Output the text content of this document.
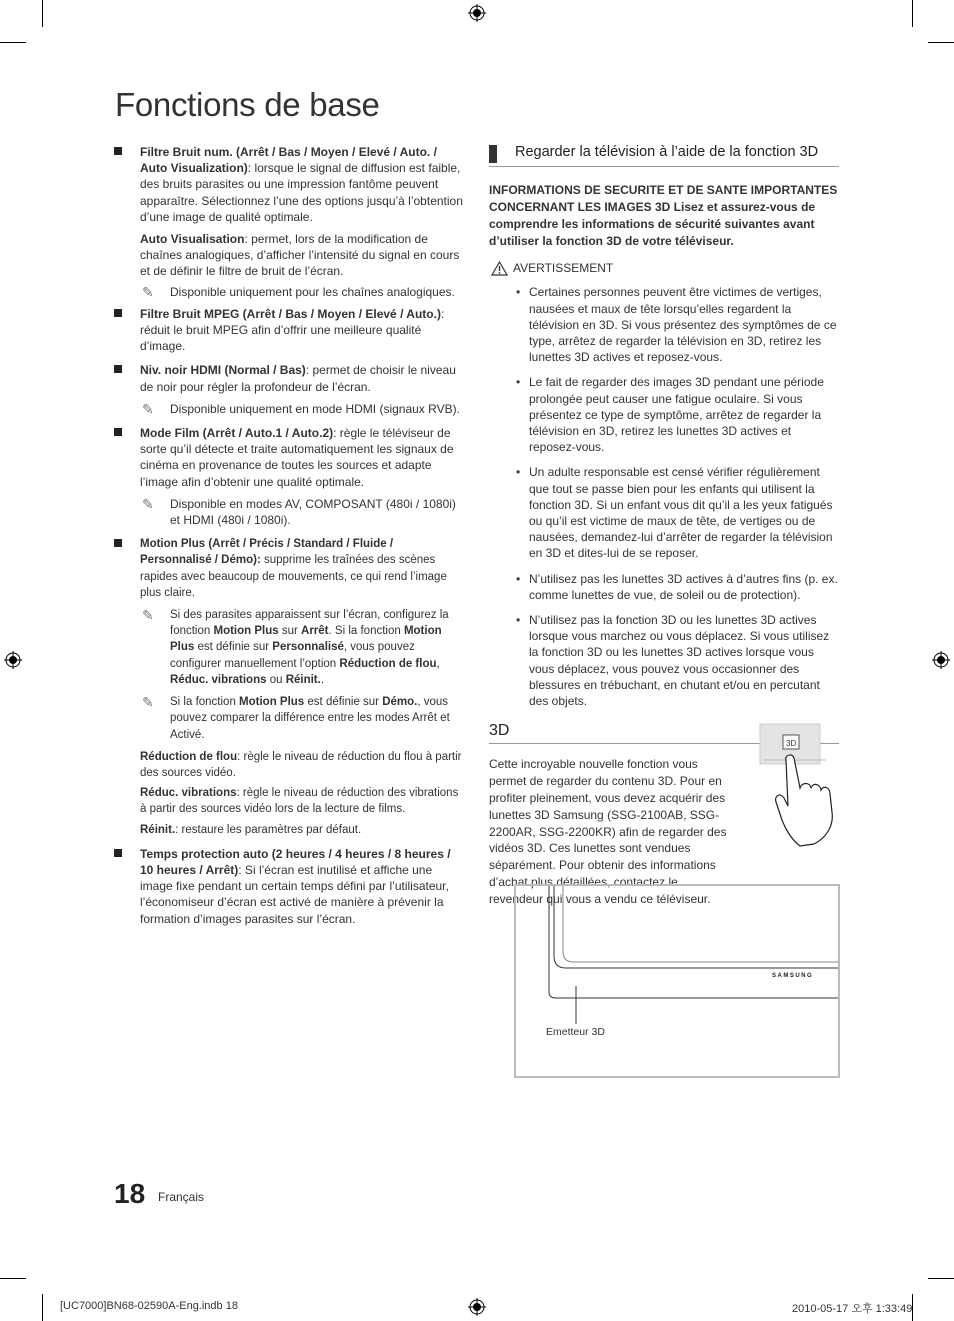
Fonctions de base
Filtre Bruit num. (Arrêt / Bas / Moyen / Elevé / Auto. / Auto Visualization): lorsque le signal de diffusion est faible, des bruits parasites ou une impression fantôme peuvent apparaître. Sélectionnez l’une des options jusqu’à l’obtention d’une image de qualité optimale.
Auto Visualisation: permet, lors de la modification de chaînes analogiques, d’afficher l’intensité du signal en cours et de définir le filtre de bruit de l’écran.
✎ Disponible uniquement pour les chaînes analogiques.
Filtre Bruit MPEG (Arrêt / Bas / Moyen / Elevé / Auto.): réduit le bruit MPEG afin d’offrir une meilleure qualité d’image.
Niv. noir HDMI (Normal / Bas): permet de choisir le niveau de noir pour régler la profondeur de l’écran.
✎ Disponible uniquement en mode HDMI (signaux RVB).
Mode Film (Arrêt / Auto.1 / Auto.2): règle le téléviseur de sorte qu’il détecte et traite automatiquement les signaux de cinéma en provenance de toutes les sources et adapte l’image afin d’obtenir une qualité optimale.
✎ Disponible en modes AV, COMPOSANT (480i / 1080i) et HDMI (480i / 1080i).
Motion Plus (Arrêt / Précis / Standard / Fluide / Personnalisé / Démo): supprime les traînées des scènes rapides avec beaucoup de mouvements, ce qui rend l’image plus claire.
✎ Si des parasites apparaissent sur l’écran, configurez la fonction Motion Plus sur Arrêt. Si la fonction Motion Plus est définie sur Personnalisé, vous pouvez configurer manuellement l’option Réduction de flou, Réduc. vibrations ou Réinit..
✎ Si la fonction Motion Plus est définie sur Démo., vous pouvez comparer la différence entre les modes Arrêt et Activé.
Réduction de flou: règle le niveau de réduction du flou à partir des sources vidéo.
Réduc. vibrations: règle le niveau de réduction des vibrations à partir des sources vidéo lors de la lecture de films.
Réinit.: restaure les paramètres par défaut.
Temps protection auto (2 heures / 4 heures / 8 heures / 10 heures / Arrêt): Si l’écran est inutilisé et affiche une image fixe pendant un certain temps défini par l’utilisateur, l’économiseur d’écran est activé de manière à prévenir la formation d’images parasites sur l’écran.
Regarder la télévision à l’aide de la fonction 3D
INFORMATIONS DE SECURITE ET DE SANTE IMPORTANTES CONCERNANT LES IMAGES 3D Lisez et assurez-vous de comprendre les informations de sécurité suivantes avant d’utiliser la fonction 3D de votre téléviseur.
AVERTISSEMENT
• Certaines personnes peuvent être victimes de vertiges, nausées et maux de tête lorsqu’elles regardent la télévision en 3D. Si vous présentez des symptômes de ce type, arrêtez de regarder la télévision en 3D, retirez les lunettes 3D actives et reposez-vous.
• Le fait de regarder des images 3D pendant une période prolongée peut causer une fatigue oculaire. Si vous présentez ce type de symptôme, arrêtez de regarder la télévision en 3D, retirez les lunettes 3D actives et reposez-vous.
• Un adulte responsable est censé vérifier régulièrement que tout se passe bien pour les enfants qui utilisent la fonction 3D. Si un enfant vous dit qu’il a les yeux fatigués ou qu’il est victime de maux de tête, de vertiges ou de nausées, demandez-lui d’arrêter de regarder la télévision en 3D et dites-lui de se reposer.
• N’utilisez pas les lunettes 3D actives à d’autres fins (p. ex. comme lunettes de vue, de soleil ou de protection).
• N’utilisez pas la fonction 3D ou les lunettes 3D actives lorsque vous marchez ou vous déplacez. Si vous utilisez la fonction 3D ou les lunettes 3D actives lorsque vous vous déplacez, vous pouvez vous occasionner des blessures en trébuchant, en chutant et/ou en percutant des objets.
3D
Cette incroyable nouvelle fonction vous permet de regarder du contenu 3D. Pour en profiter pleinement, vous devez acquérir des lunettes 3D Samsung (SSG-2100AB, SSG-2200AR, SSG-2200KR) afin de regarder des vidéos 3D. Ces lunettes sont vendues séparément. Pour obtenir des informations d’achat plus détaillées, contactez le revendeur qui vous a vendu ce téléviseur.
3D
SAMSUNG
Emetteur 3D
18 Français
[UC7000]BN68-02590A-Eng.indb 18	2010-05-17 오후 1:33:49
